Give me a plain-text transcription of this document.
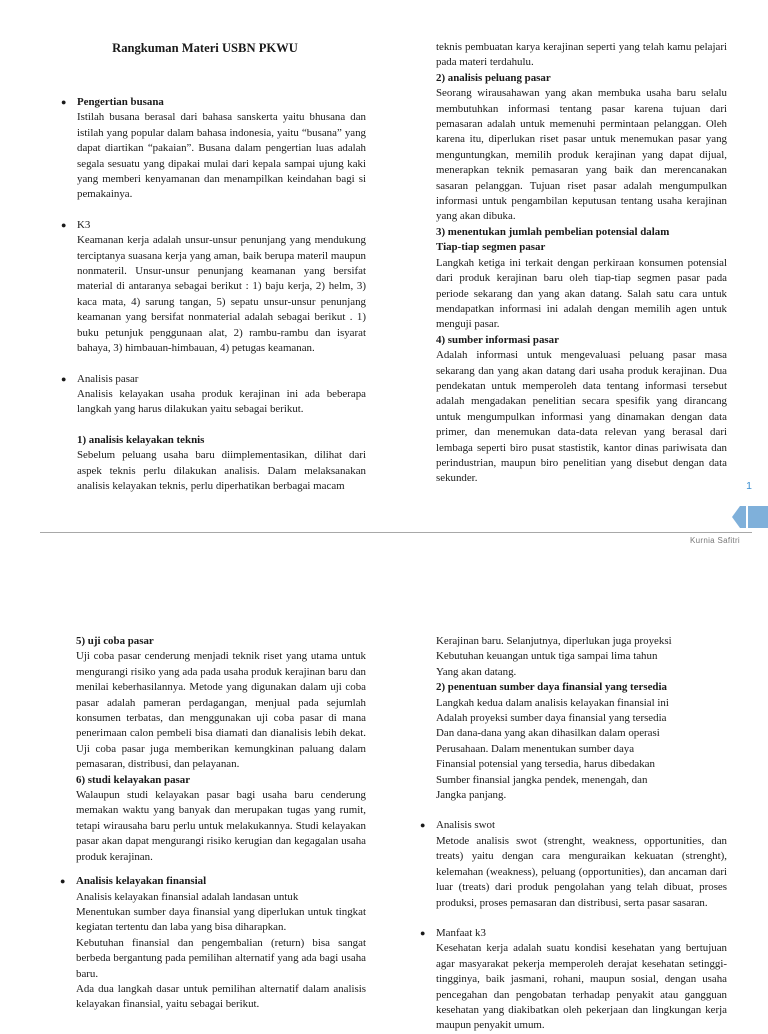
Rangkuman Materi USBN PKWU
● Pengertian busana

Istilah busana berasal dari bahasa sanskerta yaitu bhusana dan istilah yang popular dalam bahasa indonesia, yaitu “busana” yang dapat diartikan “pakaian”. Busana dalam pengertian luas adalah segala sesuatu yang dipakai mulai dari kepala sampai ujung kaki yang memberi kenyamanan dan menampilkan keindahan bagi si pemakainya.

● K3

Keamanan kerja adalah unsur-unsur penunjang yang mendukung terciptanya suasana kerja yang aman, baik berupa materil maupun nonmateril. Unsur-unsur penunjang keamanan yang bersifat material di antaranya sebagai berikut : 1) baju kerja, 2) helm, 3) kaca mata, 4) sarung tangan, 5) sepatu unsur-unsur penunjang keamanan yang bersifat nonmaterial adalah sebagai berikut . 1) buku petunjuk penggunaan alat, 2) rambu-rambu dan isyarat bahaya, 3) himbauan-himbauan, 4) petugas keamanan.

● Analisis pasar

Analisis kelayakan usaha produk kerajinan ini ada beberapa langkah yang harus dilakukan yaitu sebagai berikut.

1) analisis kelayakan teknis

Sebelum peluang usaha baru diimplementasikan, dilihat dari aspek teknis perlu dilakukan analisis. Dalam melaksanakan analisis kelayakan teknis, perlu diperhatikan berbagai macam

teknis pembuatan karya kerajinan seperti yang telah kamu pelajari pada materi terdahulu.

2) analisis peluang pasar

Seorang wirausahawan yang akan membuka usaha baru selalu membutuhkan informasi tentang pasar karena tujuan dari pemasaran adalah untuk memenuhi permintaan pelanggan. Oleh karena itu, diperlukan riset pasar untuk menemukan pasar yang menguntungkan, memilih produk kerajinan yang dapat dijual, menerapkan teknik pemasaran yang baik dan merencanakan sasaran pelanggan. Tujuan riset pasar adalah mengumpulkan informasi untuk pengambilan keputusan tentang usaha kerajinan yang akan dibuka.

3) menentukan jumlah pembelian potensial dalam

Tiap-tiap segmen pasar

Langkah ketiga ini terkait dengan perkiraan konsumen potensial dari produk kerajinan baru oleh tiap-tiap segmen pasar pada periode sekarang dan yang akan datang. Salah satu cara untuk mendapatkan informasi ini adalah dengan memilih agen untuk menguji pasar.

4) sumber informasi pasar

Adalah informasi untuk mengevaluasi peluang pasar masa sekarang dan yang akan datang dari usaha produk kerajinan. Dua pendekatan untuk memperoleh data tentang informasi tersebut adalah mengadakan penelitian secara spesifik yang dirancang untuk mengumpulkan informasi yang dinamakan dengan data primer, dan menemukan data-data relevan yang berasal dari lembaga seperti biro pusat stastistik, kantor dinas pariwisata dan perindustrian, maupun biro penelitian yang disebut dengan data sekunder.

1
Kurnia Safitri

5) uji coba pasar

Uji coba pasar cenderung menjadi teknik riset yang utama untuk mengurangi risiko yang ada pada usaha produk kerajinan baru dan menilai keberhasilannya. Metode yang digunakan dalam uji coba pasar adalah pameran perdagangan, menjual pada sejumlah konsumen terbatas, dan menggunakan uji coba pasar di mana penerimaan calon pembeli bisa diamati dan dianalisis lebih dekat. Uji coba pasar juga memberikan kemungkinan paluang dalam pemasaran, distribusi, dan pelayanan.

6) studi kelayakan pasar

Walaupun studi kelayakan pasar bagi usaha baru cenderung memakan waktu yang banyak dan merupakan tugas yang rumit, tetapi wirausaha baru perlu untuk melakukannya. Studi kelayakan pasar akan dapat mengurangi risiko kerugian dan kegagalan usaha produk kerajinan.

● Analisis kelayakan finansial

Analisis kelayakan finansial adalah landasan untuk

Menentukan sumber daya finansial yang diperlukan untuk tingkat kegiatan tertentu dan laba yang bisa diharapkan.

Kebutuhan finansial dan pengembalian (return) bisa sangat berbeda bergantung pada pemilihan alternatif yang ada bagi usaha baru.

Ada dua langkah dasar untuk pemilihan alternatif dalam analisis kelayakan finansial, yaitu sebagai berikut.

Kerajinan baru. Selanjutnya, diperlukan juga proyeksi

Kebutuhan keuangan untuk tiga sampai lima tahun

Yang akan datang.

2) penentuan sumber daya finansial yang tersedia

Langkah kedua dalam analisis kelayakan finansial ini

Adalah proyeksi sumber daya finansial yang tersedia

Dan dana-dana yang akan dihasilkan dalam operasi

Perusahaan. Dalam menentukan sumber daya

Finansial potensial yang tersedia, harus dibedakan

Sumber finansial jangka pendek, menengah, dan

Jangka panjang.

● Analisis swot

Metode analisis swot (strenght, weakness, opportunities, dan treats) yaitu dengan cara menguraikan kekuatan (strenght), kelemahan (weakness), peluang (opportunities), dan ancaman dari luar (treats) dari produk pengolahan yang telah dibuat, proses produksi, proses pemasaran dan distribusi, serta pasar sasaran.

● Manfaat k3

Kesehatan kerja adalah suatu kondisi kesehatan yang bertujuan agar masyarakat pekerja memperoleh derajat kesehatan setinggi-tingginya, baik jasmani, rohani, maupun sosial, dengan usaha pencegahan dan pengobatan terhadap penyakit atau gangguan kesehatan yang diakibatkan oleh pekerjaan dan lingkungan kerja maupun penyakit umum.
